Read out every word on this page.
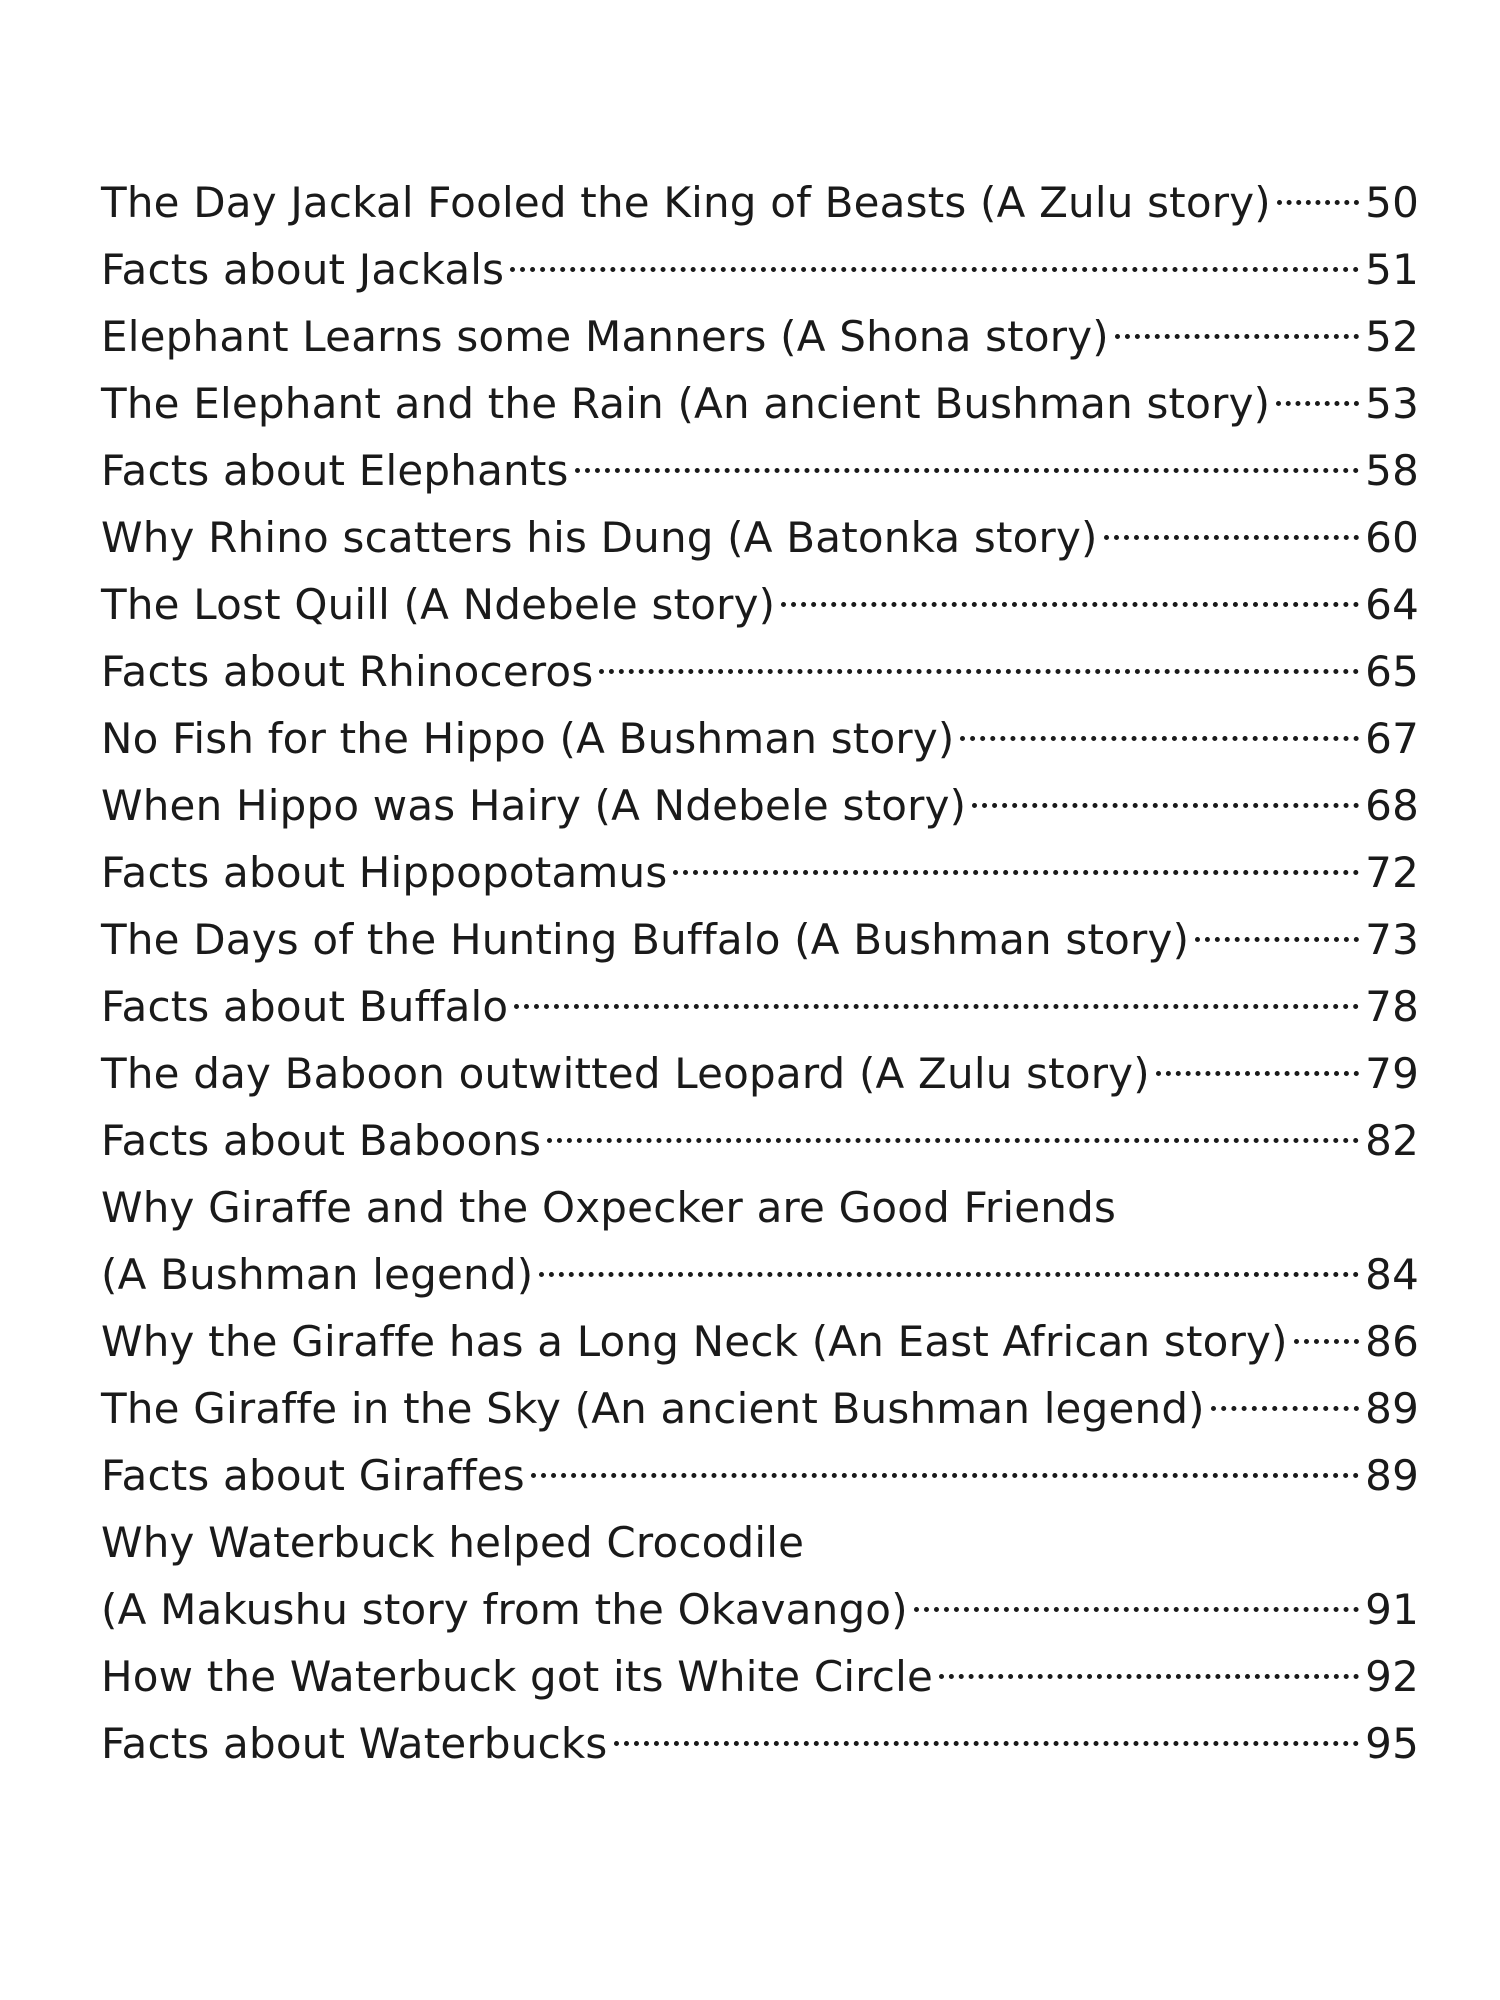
The Day Jackal Fooled the King of Beasts (A Zulu story) 50
Facts about Jackals	51
Elephant Learns some Manners (A Shona story)	52
The Elephant and the Rain (An ancient Bushman story) 53
Facts about Elephants	58
Why Rhino scatters his Dung (A Batonka story)	60
The Lost Quill (A Ndebele story)	64
Facts about Rhinoceros	65
No Fish for the Hippo (A Bushman story)	67
When Hippo was Hairy (A Ndebele story)	68
Facts about Hippopotamus	72
The Days of the Hunting Buffalo (A Bushman story)	73
Facts about Buffalo	78
The day Baboon outwitted Leopard (A Zulu story)	79
Facts about Baboons	82
Why Giraffe and the Oxpecker are Good Friends
(A Bushman legend)	84
Why the Giraffe has a Long Neck (An East African story) 86
The Giraffe in the Sky (An ancient Bushman legend)	89
Facts about Giraffes	89
Why Waterbuck helped Crocodile
(A Makushu story from the Okavango)	91
How the Waterbuck got its White Circle	92
Facts about Waterbucks	95
